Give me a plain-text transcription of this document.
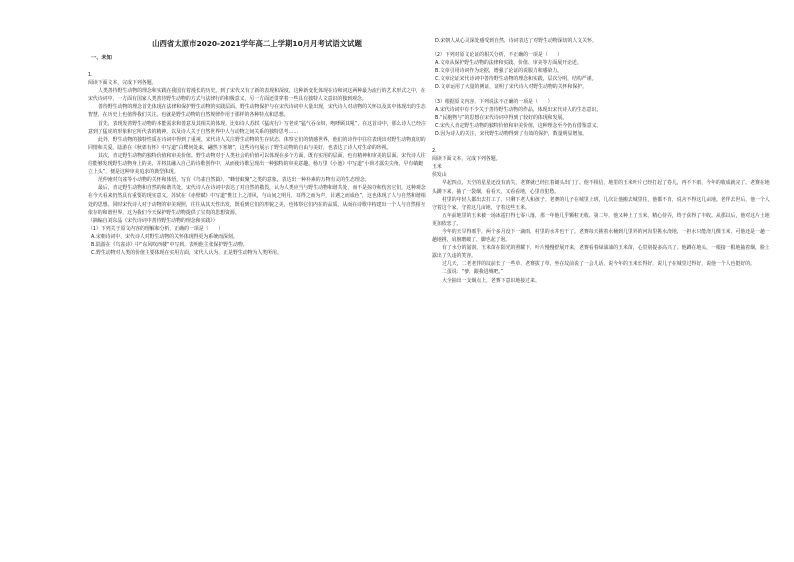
山西省太原市2020-2021学年高二上学期10月月考试语文试题
一、未知
1.
阅读下面文本，完成下列各题。

人类善待野生动物的理念和实践在我国有着漫长的历史。到了宋代又有了新的表现和深度，这种新变化体现在诗和词这两种最为流行的艺术形式之中，在宋代诗词中，一方面有国家人类善待野生动物的方式与法律行的积极意义，另一方面还贯穿着一些具有独特人文意识的独到观念。

善待野生动物的理念首先体现在法律和保护野生动物的实践层面。野生动物保护与在宋代诗词中大量出现，宋代诗人对动物的关怀以及其中体现出的生态智慧，在历史上也值得我们关注。也就是野生动物的自然规律作用于那样的各种特点和思想。

首先，表现发善野生动物的本能需求和善意及其相关的体现。比如诗人苏轼《猛虎行》写老虎“猛气吞余奴，咆哮顾其吼”，在这首诗中，那么诗人已经注意到了猛虎的形象和它所代表的精神，以及诗人关于自然世界中人与动物之间关系的独特思考……

此外，野生动物的独特性质在诗词中得到了重视。宋代诗人关注野生动物的生存状态，体察它们的情感世界，他们的诗作中往往表现出对野生动物真切的同情和关爱。陆游在《秋郊有怀》中写道“白鹭何处来，翩然下寒塘”，这些诗句展示了野生动物的自由与美好，也表达了诗人对生命的珍视。

其次，肯定野生动物的独特价值和审美价值。野生动物对于人类社会的价值可以体现在多个方面，既有实用的层面，也有精神和审美的层面。宋代诗人往往能够发现野生动物身上的美，并将其融入自己的诗歌创作中，从而使诗歌呈现出一种独特的审美意趣。杨万里《小池》中写道“小荷才露尖尖角，早有蜻蜓立上头”，便是这种审美追求的典型体现。

范仲淹对鸟雀等小动物的关怀和体悟，写有《鸟雀自然篇》，“蜂营蚁聚”之类的意象，表达出一种朴素的万物有灵的生态理念。

最后，肯定野生动物和自然的和谐共处。宋代诗人在诗词中表达了对自然的敬畏，认为人类应当与野生动物和谐共处，而不是掠夺和伤害它们。这种观念在今天看来仍然具有重要的现实意义。苏轼在《赤壁赋》中写道“惟江上之清风，与山间之明月，耳得之而为声，目遇之而成色”，这也体现了人与自然和谐相处的思想。同时宋代诗人对于动物的审美观照，往往从其天性出发，既看到它们的形貌之美，也体察它们内在的品质，从而在诗歌中构建出一个人与自然相互依存的和谐世界，这为我们今天保护野生动物提供了宝贵的思想资源。

（摘编自刘东晶《宋代诗词中善待野生动物的理念和实践》）
（1）下列关于原文内容的理解和分析，正确的一项是（　　）
A.宋朝诗词中，宋代诗人对野生动物的关怀体现得更为系统而深刻。
B.陆游在《鸟雀诗》中“东风吹西楼”中写到，表明他主张保护野生动物。
C.野生动物对人类的价值主要体现在实用方面，宋代人认为，正是野生动物为人类所用。
D.宋朝人从心灵深处感受到自然，诗词表达了对野生动物深切的人文关怀。
（2）下列对原文论证的相关分析，不正确的一项是（　　）
A.文章从保护野生动物的法律和实践、价值、审美等方面展开论述。
B.文章引用诗词作为论据，增强了论证的说服力和感染力。
C.文章论证宋代诗词中善待野生动物的理念和实践，层次分明，结构严谨。
D.文章运用了大量的例证，证明了宋代诗人对野生动物的关怀和保护。
（3）根据原文内容，下列说法不正确的一项是（　　）
A.宋代诗词中有不少关于善待野生动物的作品，体现出宋代诗人的生态意识。
B.“民胞物与”的思想在宋代诗词中得到了较好的体现和发展。
C.宋代人肯定野生动物的独特价值和审美价值，这种理念至今仍有借鉴意义。
D.因为诗人的关注，宋代野生动物得到了有效的保护，数量明显增加。
2.
阅读下面文本，完成下列各题。
玉米
侯发山

早起四点，天空的星星还没有消失，老赛就已经扛着锄头出门了。他不相信，地里的玉米叶片已经打起了卷儿，再不下雨，今年的收成就完了。老赛在地头蹲下来，抽了一袋烟，看看天，又看看地，心里直犯愁。

村里的年轻人都出去打工了，只剩下老人和孩子。老赛的儿子在城里上班，几次让他搬去城里住，他都不肯，说舍不得这几亩地。老伴去世后，他一个人守着这个家，守着这几亩地，守着这些玉米。

五年前地里的玉米被一场冰雹打得七零八落，那一年他几乎颗粒无收。第二年，他又种上了玉米，精心侍弄，终于获得了丰收。从那以后，他对这片土地更加依恋了。

今年的天旱得邪乎，两个多月没下一滴雨，村里的水井也干了。老赛每天挑着水桶到几里外的河沟里挑水浇地，一担水只能浇几棵玉米，可他还是一趟一趟地挑，肩膀磨破了，脚也起了泡。

有了水分的滋润，玉米苗在阳光的照耀下，叶片慢慢舒展开来，老赛看着绿油油的玉米苗，心里别提多高兴了。他蹲在地头，一根接一根地抽着烟，脸上露出了久违的笑容。

过几天，二老老伴的坟前长了一些草，老赛拔了草，坐在坟前说了一会儿话，说今年的玉米长得好，说儿子在城里过得好，说他一个人也挺好的。

二蛋说：“爹，跟我进城吧。”

大全抽出一支烟点上，老赛下意识地接过来。
